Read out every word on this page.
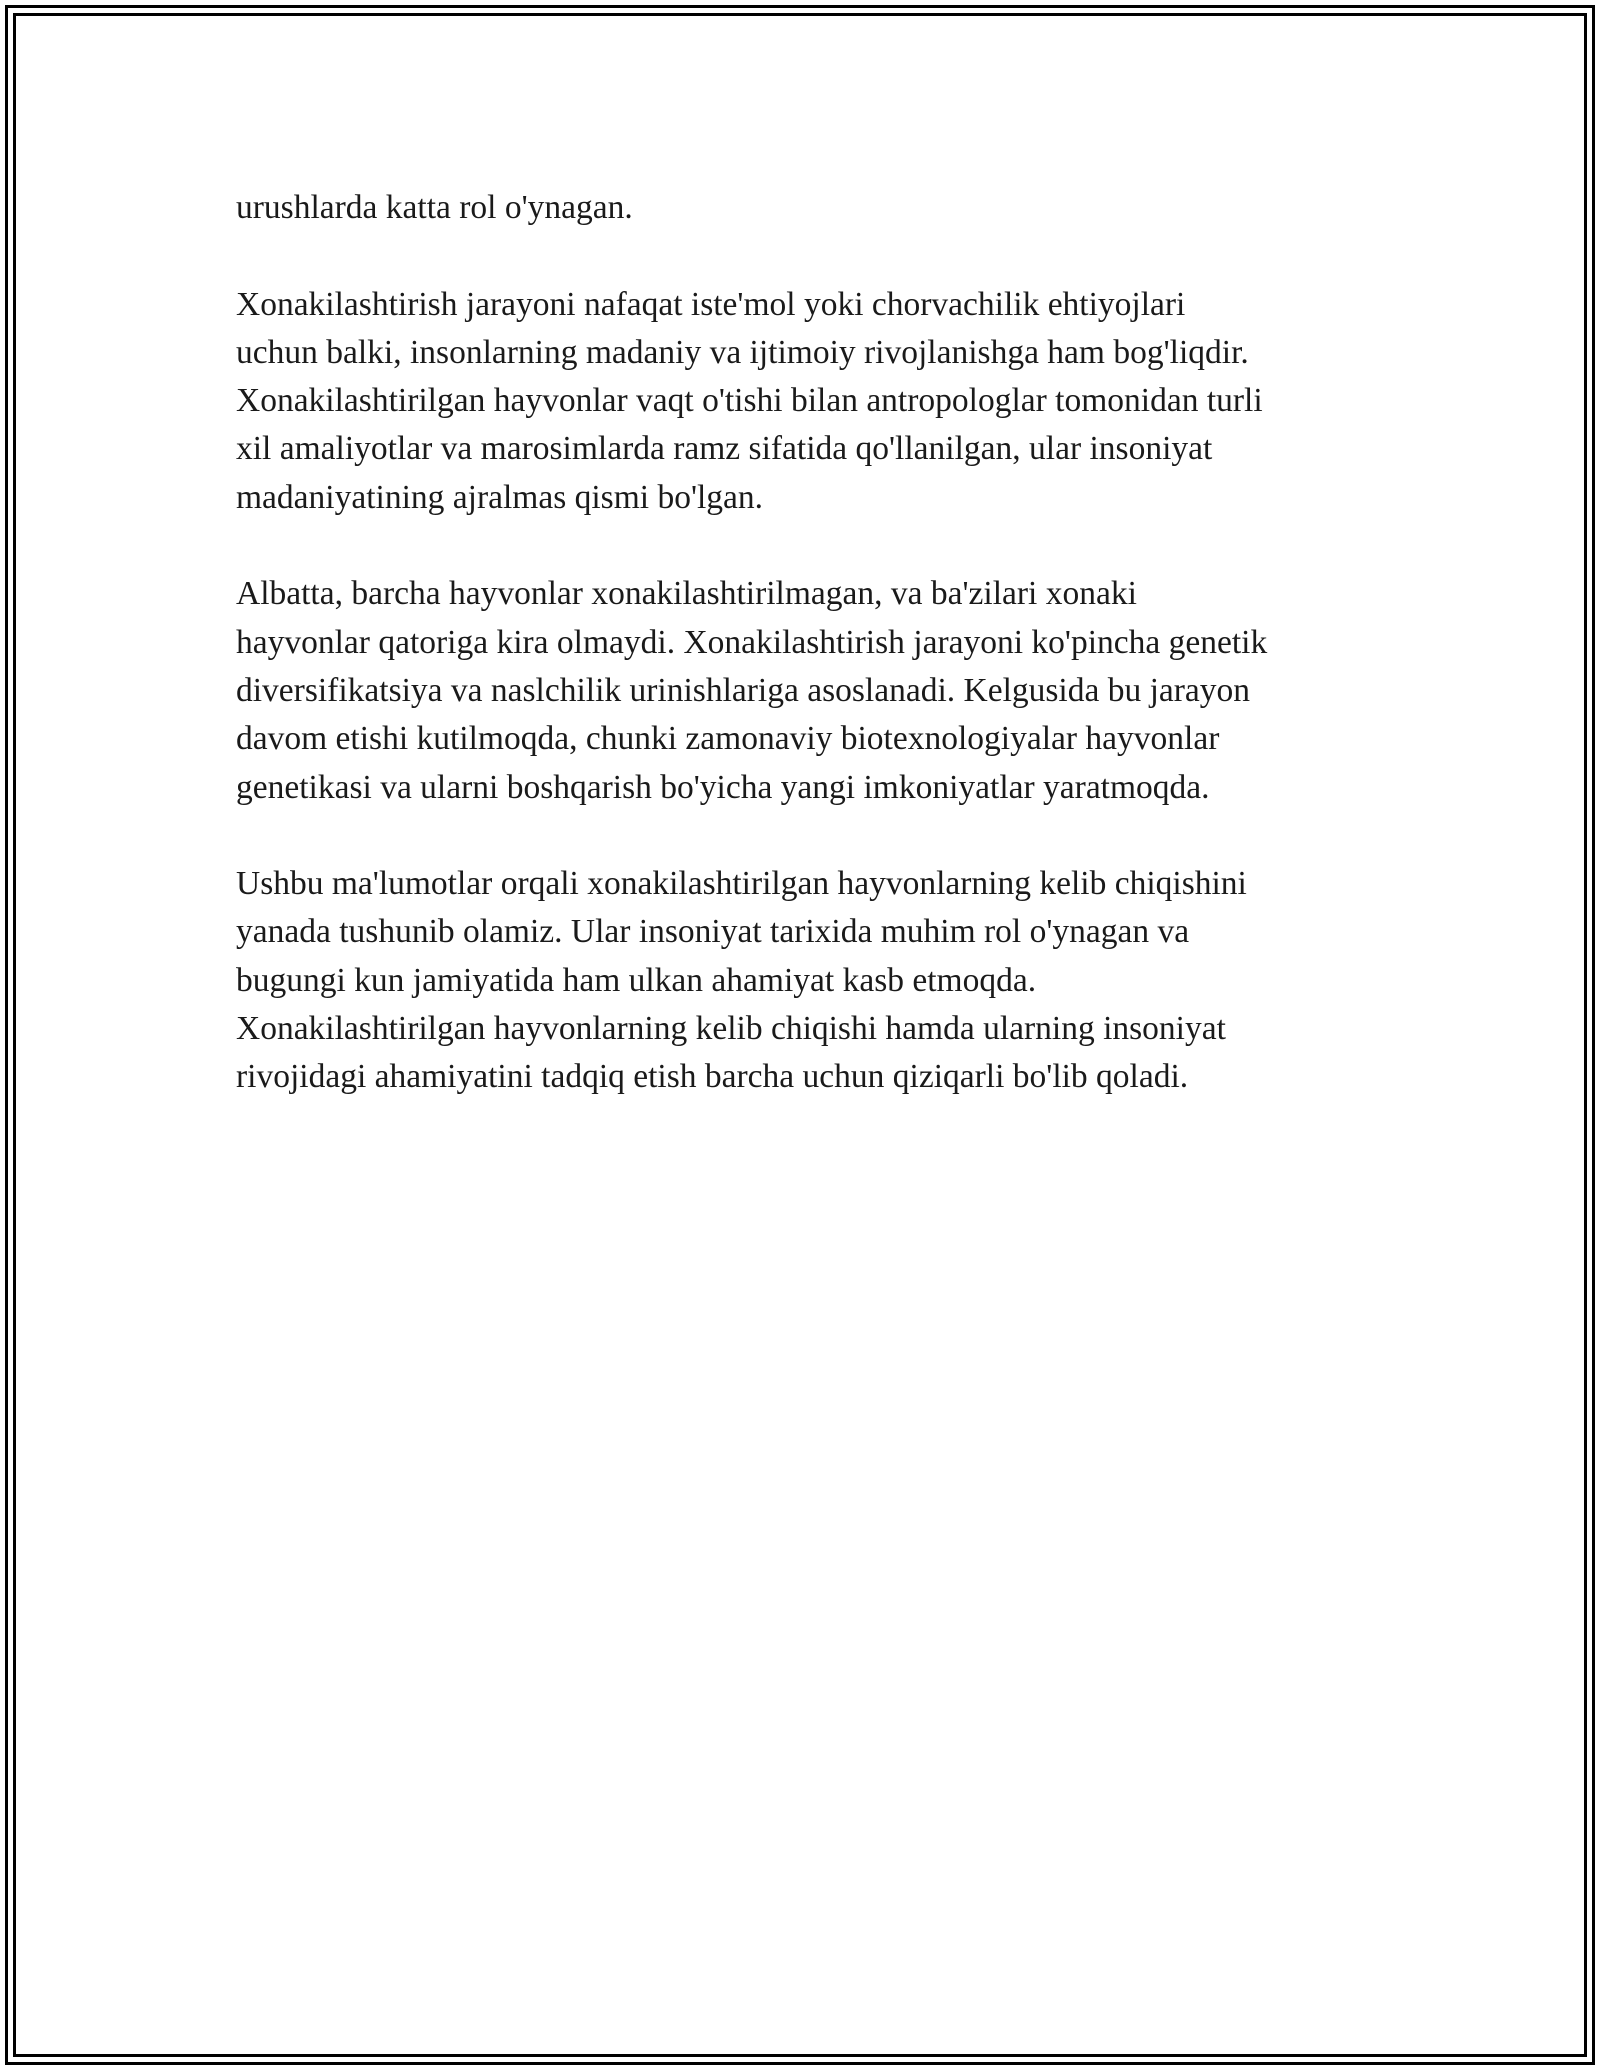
urushlarda katta rol o'ynagan.

Xonakilashtirish jarayoni nafaqat iste'mol yoki chorvachilik ehtiyojlari
uchun balki, insonlarning madaniy va ijtimoiy rivojlanishga ham bog'liqdir.
Xonakilashtirilgan hayvonlar vaqt o'tishi bilan antropologlar tomonidan turli
xil amaliyotlar va marosimlarda ramz sifatida qo'llanilgan, ular insoniyat
madaniyatining ajralmas qismi bo'lgan.

Albatta, barcha hayvonlar xonakilashtirilmagan, va ba'zilari xonaki
hayvonlar qatoriga kira olmaydi. Xonakilashtirish jarayoni ko'pincha genetik
diversifikatsiya va naslchilik urinishlariga asoslanadi. Kelgusida bu jarayon
davom etishi kutilmoqda, chunki zamonaviy biotexnologiyalar hayvonlar
genetikasi va ularni boshqarish bo'yicha yangi imkoniyatlar yaratmoqda.

Ushbu ma'lumotlar orqali xonakilashtirilgan hayvonlarning kelib chiqishini
yanada tushunib olamiz. Ular insoniyat tarixida muhim rol o'ynagan va
bugungi kun jamiyatida ham ulkan ahamiyat kasb etmoqda.
Xonakilashtirilgan hayvonlarning kelib chiqishi hamda ularning insoniyat
rivojidagi ahamiyatini tadqiq etish barcha uchun qiziqarli bo'lib qoladi.
